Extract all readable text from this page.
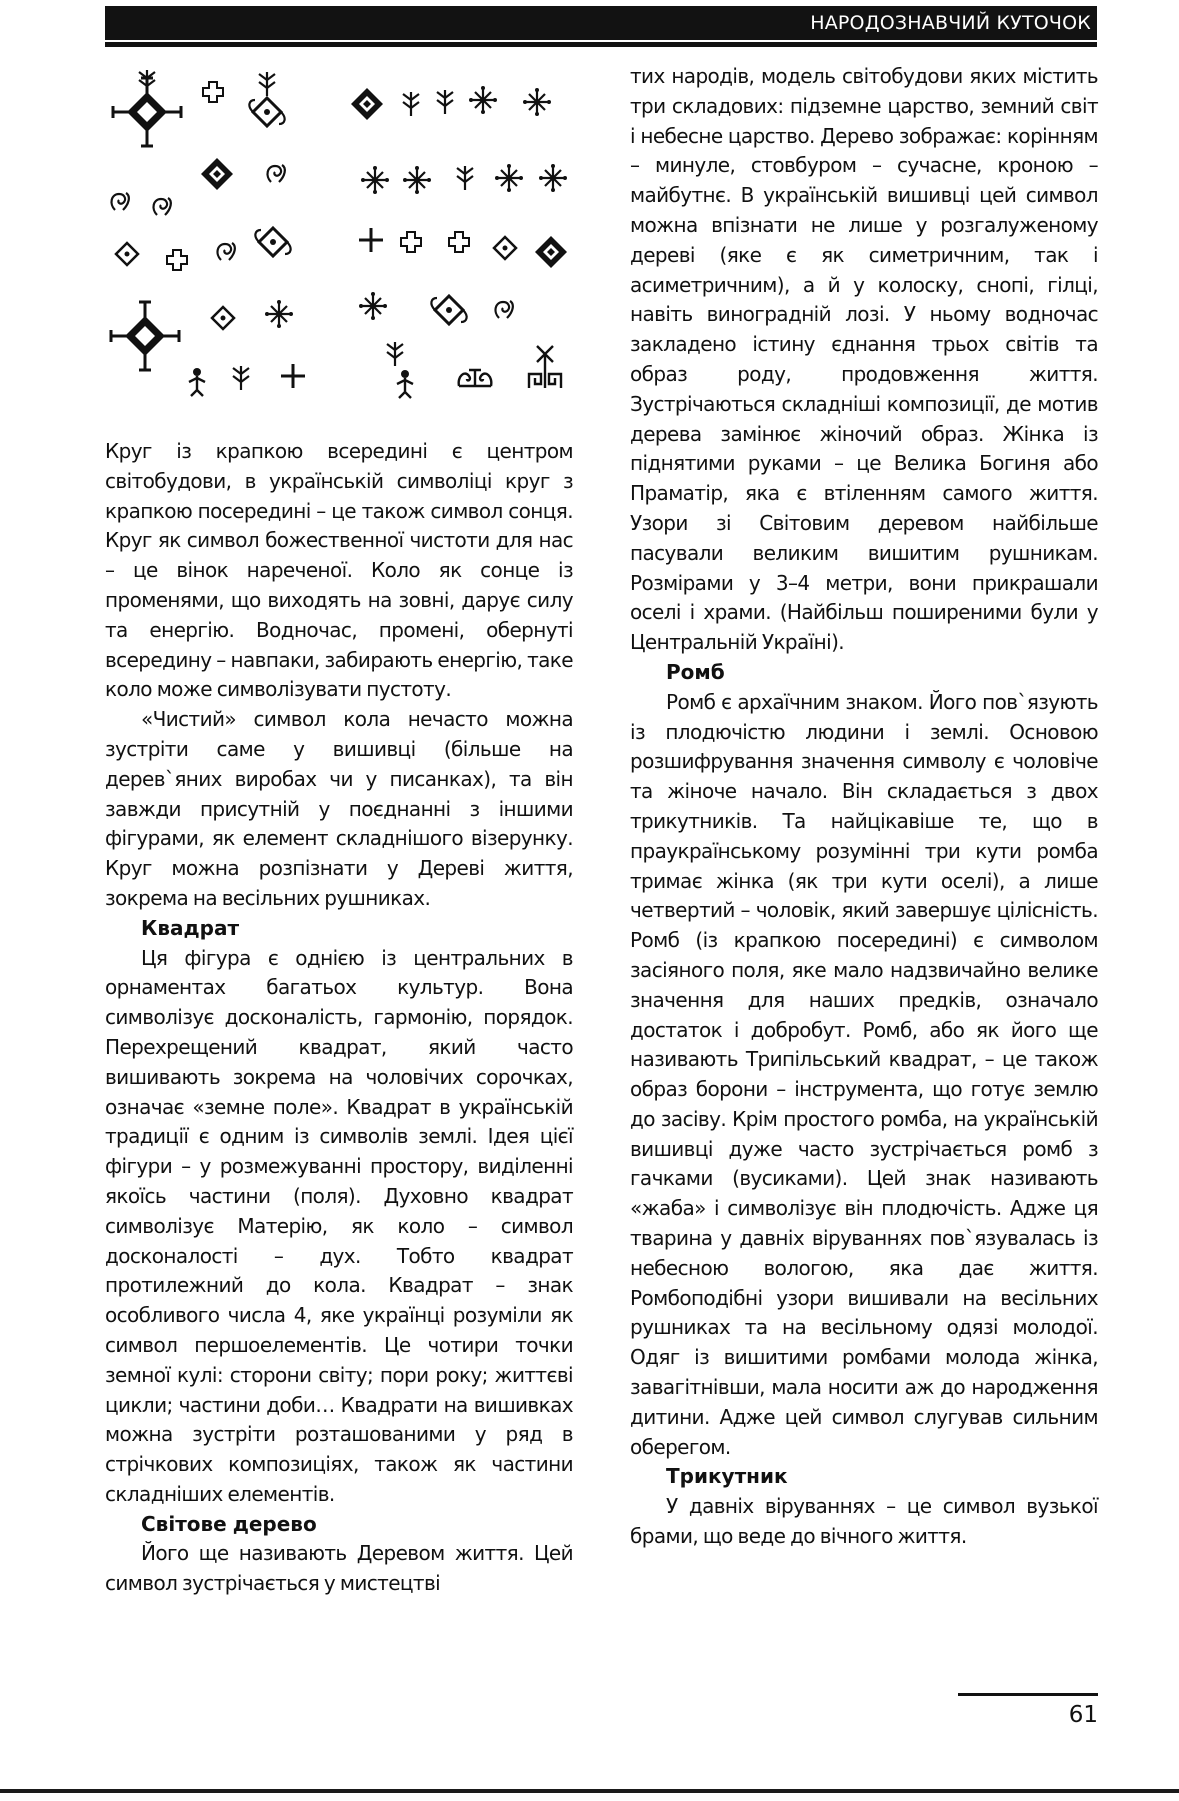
НАРОДОЗНАВЧИЙ КУТОЧОК

Круг із крапкою всередині є центром світобудови, в українській символіці круг з крапкою посередині – це також символ сонця. Круг як символ божественної чистоти для нас – це вінок нареченої. Коло як сонце із променями, що виходять на зовні, дарує силу та енергію. Водночас, промені, обернуті всередину – навпаки, забирають енергію, таке коло може символізувати пустоту.

«Чистий» символ кола нечасто можна зустріти саме у вишивці (більше на дерев`яних виробах чи у писанках), та він завжди присутній у поєднанні з іншими фігурами, як елемент складнішого візерунку. Круг можна розпізнати у Дереві життя, зокрема на весільних рушниках.

Квадрат

Ця фігура є однією із центральних в орнаментах багатьох культур. Вона символізує досконалість, гармонію, порядок. Перехрещений квадрат, який часто вишивають зокрема на чоловічих сорочках, означає «земне поле». Квадрат в українській традиції є одним із символів землі. Ідея цієї фігури – у розмежуванні простору, виділенні якоїсь частини (поля). Духовно квадрат символізує Матерію, як коло – символ досконалості – дух. Тобто квадрат протилежний до кола. Квадрат – знак особливого числа 4, яке українці розуміли як символ першоелементів. Це чотири точки земної кулі: сторони світу; пори року; життєві цикли; частини доби… Квадрати на вишивках можна зустріти розташованими у ряд в стрічкових композиціях, також як частини складніших елементів.

Світове дерево

Його ще називають Деревом життя. Цей символ зустрічається у мистецтві

тих народів, модель світобудови яких містить три складових: підземне царство, земний світ і небесне царство. Дерево зображає: корінням – минуле, стовбуром – сучасне, кроною – майбутнє. В українській вишивці цей символ можна впізнати не лише у розгалуженому дереві (яке є як симетричним, так і асиметричним), а й у колоску, снопі, гілці, навіть виноградній лозі. У ньому водночас закладено істину єднання трьох світів та образ роду, продовження життя. Зустрічаються складніші композиції, де мотив дерева замінює жіночий образ. Жінка із піднятими руками – це Велика Богиня або Праматір, яка є втіленням самого життя. Узори зі Світовим деревом найбільше пасували великим вишитим рушникам. Розмірами у 3–4 метри, вони прикрашали оселі і храми. (Найбільш поширеними були у Центральній Україні).

Ромб

Ромб є архаїчним знаком. Його пов`язують із плодючістю людини і землі. Основою розшифрування значення символу є чоловіче та жіноче начало. Він складається з двох трикутників. Та найцікавіше те, що в праукраїнському розумінні три кути ромба тримає жінка (як три кути оселі), а лише четвертий – чоловік, який завершує цілісність. Ромб (із крапкою посередині) є символом засіяного поля, яке мало надзвичайно велике значення для наших предків, означало достаток і добробут. Ромб, або як його ще називають Трипільський квадрат, – це також образ борони – інструмента, що готує землю до засіву. Крім простого ромба, на українській вишивці дуже часто зустрічається ромб з гачками (вусиками). Цей знак називають «жаба» і символізує він плодючість. Адже ця тварина у давніх віруваннях пов`язувалась із небесною вологою, яка дає життя. Ромбоподібні узори вишивали на весільних рушниках та на весільному одязі молодої. Одяг із вишитими ромбами молода жінка, завагітнівши, мала носити аж до народження дитини. Адже цей символ слугував сильним оберегом.

Трикутник

У давніх віруваннях – це символ вузької брами, що веде до вічного життя.

61
